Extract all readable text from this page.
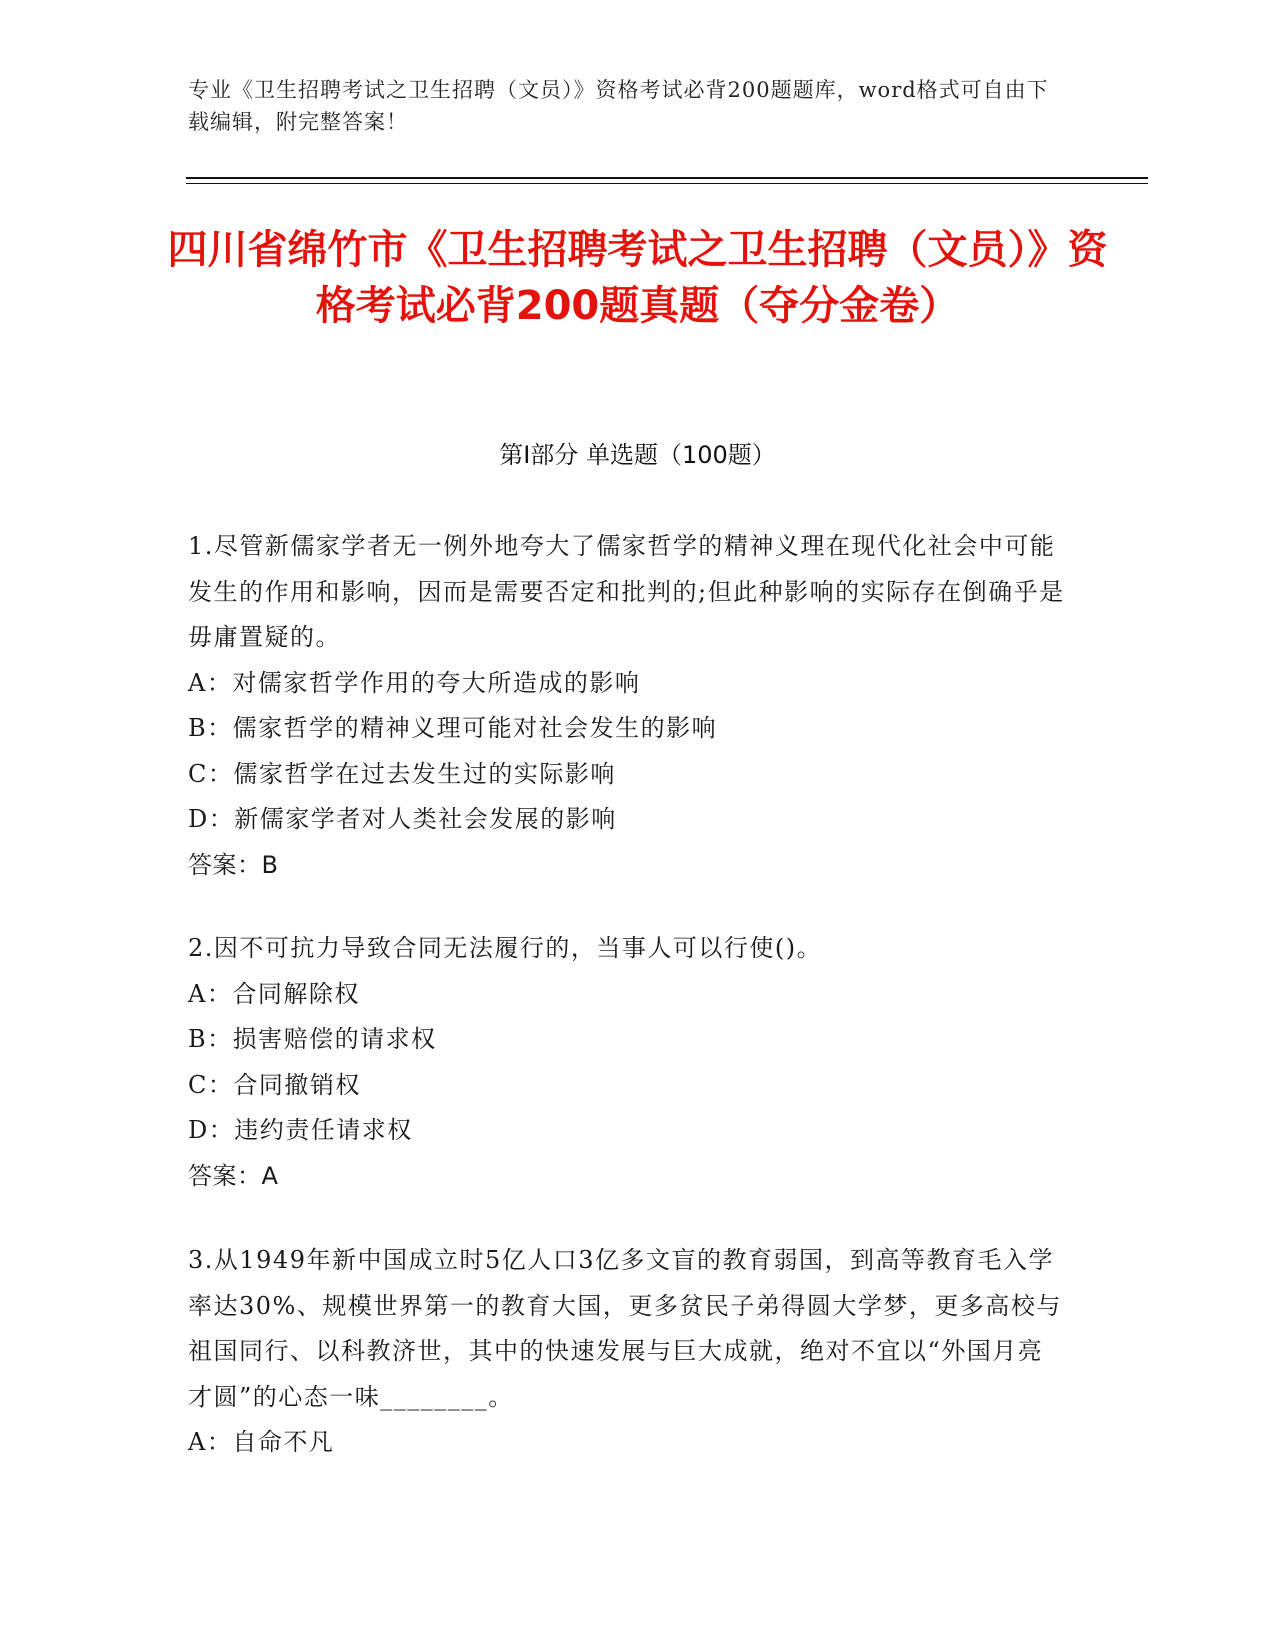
专业《卫生招聘考试之卫生招聘（文员）》资格考试必背200题题库，word格式可自由下载编辑，附完整答案！
四川省绵竹市《卫生招聘考试之卫生招聘（文员）》资格考试必背200题真题（夺分金卷）
第Ⅰ部分 单选题（100题）
1.尽管新儒家学者无一例外地夸大了儒家哲学的精神义理在现代化社会中可能发生的作用和影响，因而是需要否定和批判的;但此种影响的实际存在倒确乎是毋庸置疑的。
A：对儒家哲学作用的夸大所造成的影响
B：儒家哲学的精神义理可能对社会发生的影响
C：儒家哲学在过去发生过的实际影响
D：新儒家学者对人类社会发展的影响
答案：B
2.因不可抗力导致合同无法履行的，当事人可以行使()。
A：合同解除权
B：损害赔偿的请求权
C：合同撤销权
D：违约责任请求权
答案：A
3.从1949年新中国成立时5亿人口3亿多文盲的教育弱国，到高等教育毛入学率达30%、规模世界第一的教育大国，更多贫民子弟得圆大学梦，更多高校与祖国同行、以科教济世，其中的快速发展与巨大成就，绝对不宜以“外国月亮才圆”的心态一味________。
A：自命不凡
